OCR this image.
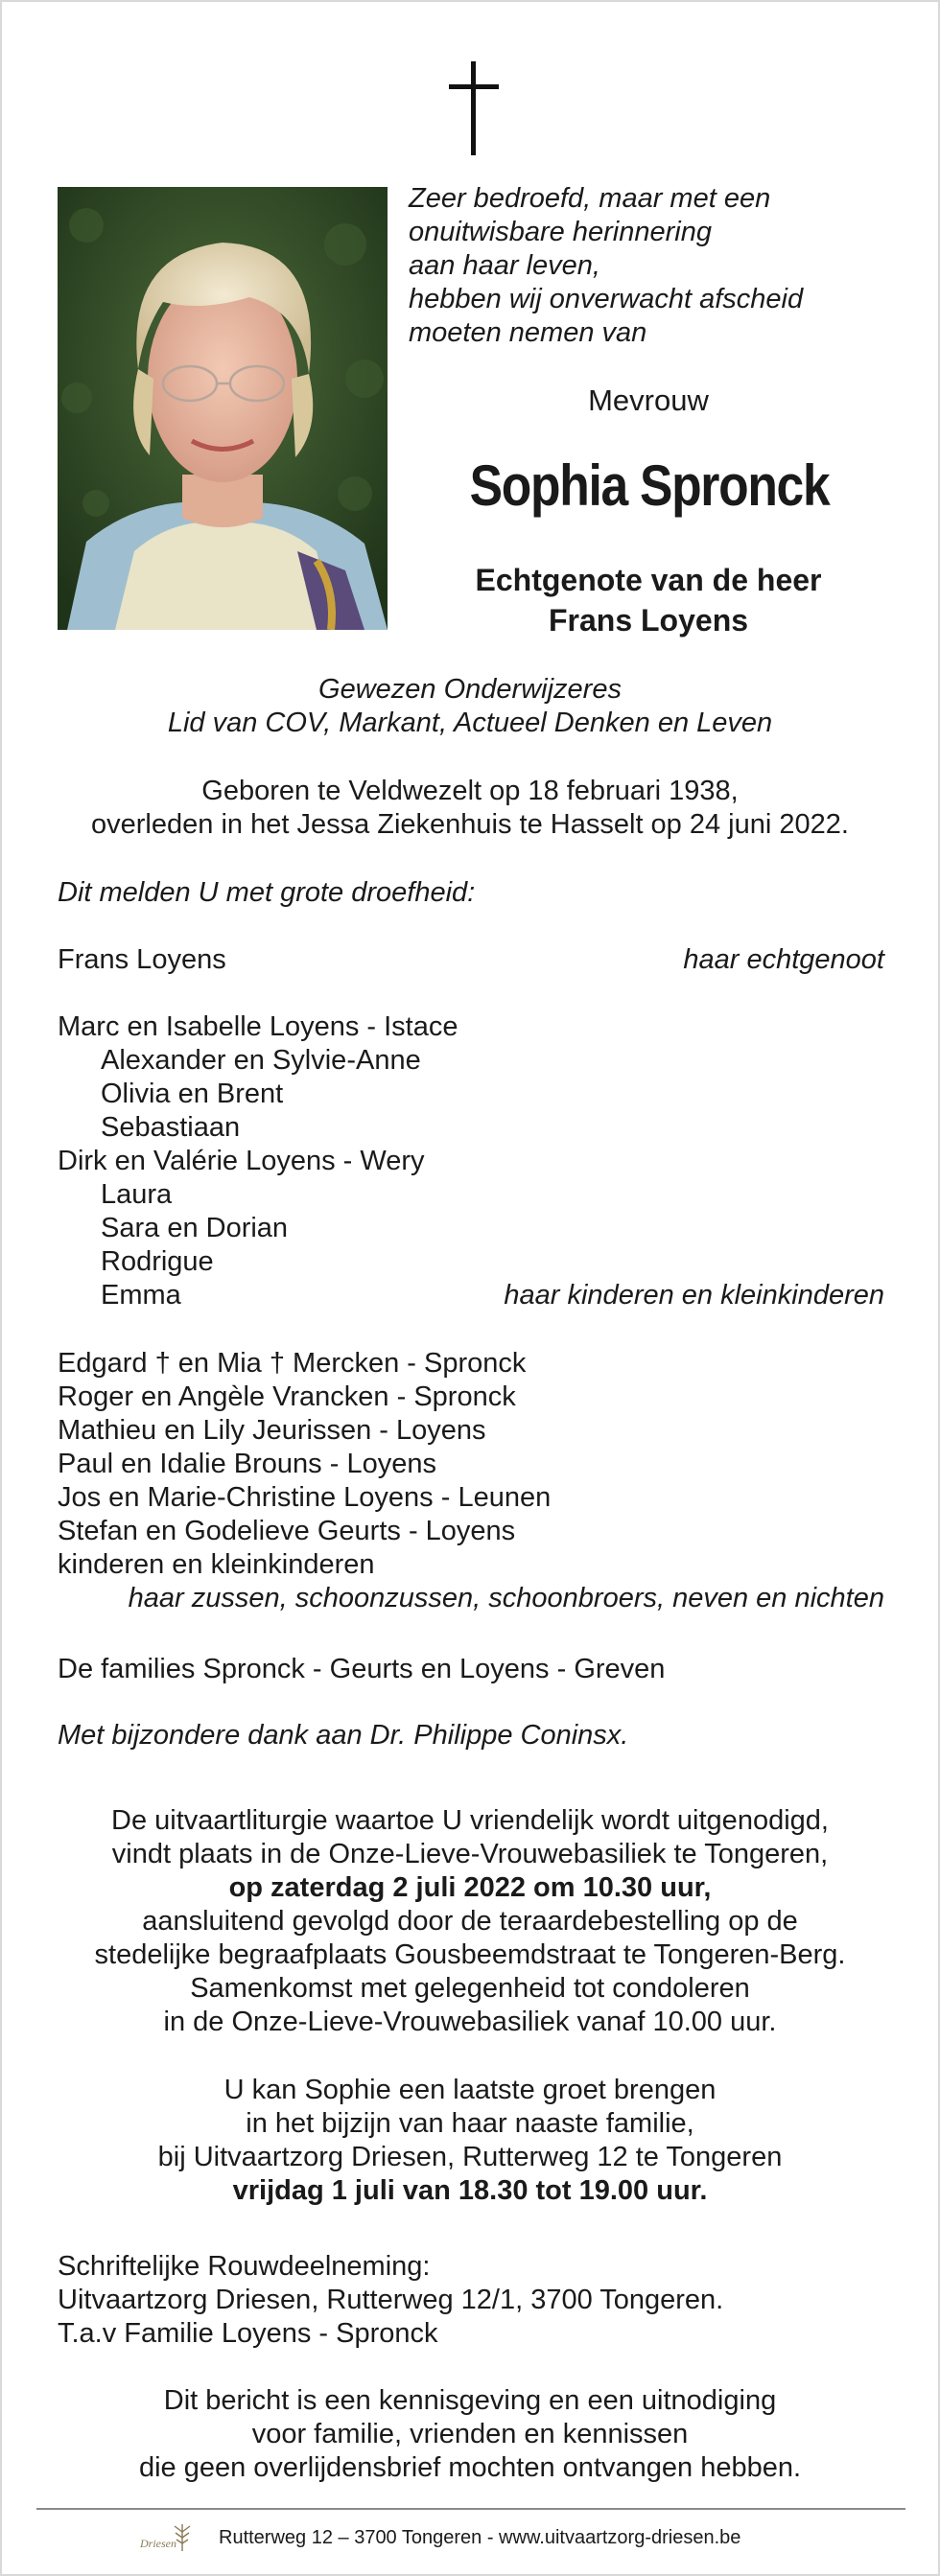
Zeer bedroefd, maar met een
onuitwisbare herinnering
aan haar leven,
hebben wij onverwacht afscheid
moeten nemen van
Mevrouw
Sophia Spronck
Echtgenote van de heer
Frans Loyens
Gewezen Onderwijzeres
Lid van COV, Markant, Actueel Denken en Leven
Geboren te Veldwezelt op 18 februari 1938,
overleden in het Jessa Ziekenhuis te Hasselt op 24 juni 2022.
Dit melden U met grote droefheid:
Frans Loyens	haar echtgenoot
Marc en Isabelle Loyens - Istace
Alexander en Sylvie-Anne
Olivia en Brent
Sebastiaan
Dirk en Valérie Loyens - Wery
Laura
Sara en Dorian
Rodrigue
Emma	haar kinderen en kleinkinderen
Edgard † en Mia † Mercken - Spronck
Roger en Angèle Vrancken - Spronck
Mathieu en Lily Jeurissen - Loyens
Paul en Idalie Brouns - Loyens
Jos en Marie-Christine Loyens - Leunen
Stefan en Godelieve Geurts - Loyens
kinderen en kleinkinderen
haar zussen, schoonzussen, schoonbroers, neven en nichten
De families Spronck - Geurts en Loyens - Greven
Met bijzondere dank aan Dr. Philippe Coninsx.
De uitvaartliturgie waartoe U vriendelijk wordt uitgenodigd,
vindt plaats in de Onze-Lieve-Vrouwebasiliek te Tongeren,
op zaterdag 2 juli 2022 om 10.30 uur,
aansluitend gevolgd door de teraardebestelling op de
stedelijke begraafplaats Gousbeemdstraat te Tongeren-Berg.
Samenkomst met gelegenheid tot condoleren
in de Onze-Lieve-Vrouwebasiliek vanaf 10.00 uur.
U kan Sophie een laatste groet brengen
in het bijzijn van haar naaste familie,
bij Uitvaartzorg Driesen, Rutterweg 12 te Tongeren
vrijdag 1 juli van 18.30 tot 19.00 uur.
Schriftelijke Rouwdeelneming:
Uitvaartzorg Driesen, Rutterweg 12/1, 3700 Tongeren.
T.a.v Familie Loyens - Spronck
Dit bericht is een kennisgeving en een uitnodiging
voor familie, vrienden en kennissen
die geen overlijdensbrief mochten ontvangen hebben.
Driesen Rutterweg 12 – 3700 Tongeren - www.uitvaartzorg-driesen.be
